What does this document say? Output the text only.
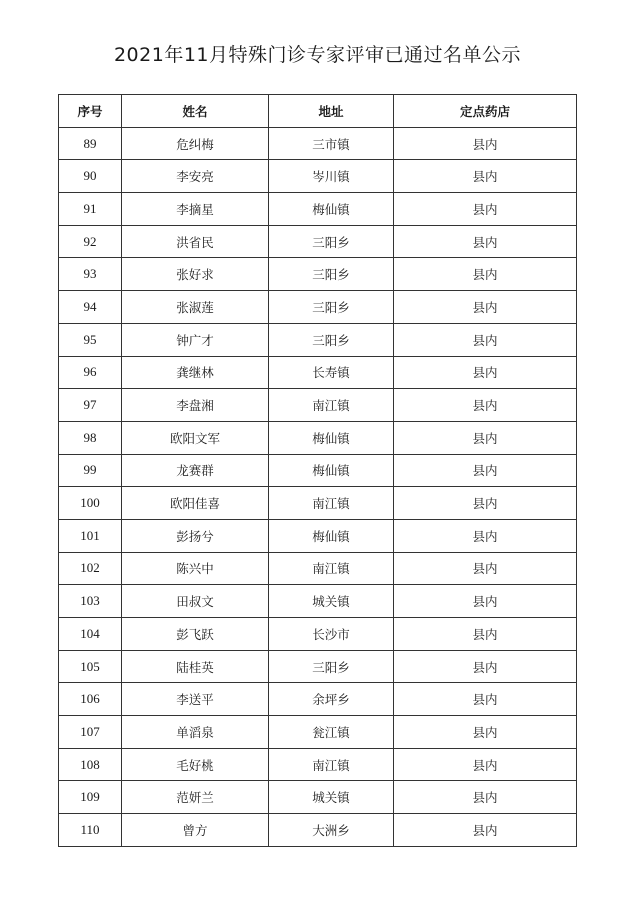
2021年11月特殊门诊专家评审已通过名单公示
序号	姓名	地址	定点药店
89	危纠梅	三市镇	县内
90	李安亮	岑川镇	县内
91	李摘星	梅仙镇	县内
92	洪省民	三阳乡	县内
93	张好求	三阳乡	县内
94	张淑莲	三阳乡	县内
95	钟广才	三阳乡	县内
96	龚继林	长寿镇	县内
97	李盘湘	南江镇	县内
98	欧阳文军	梅仙镇	县内
99	龙赛群	梅仙镇	县内
100	欧阳佳喜	南江镇	县内
101	彭扬兮	梅仙镇	县内
102	陈兴中	南江镇	县内
103	田叔文	城关镇	县内
104	彭飞跃	长沙市	县内
105	陆桂英	三阳乡	县内
106	李送平	余坪乡	县内
107	单滔泉	瓮江镇	县内
108	毛好桃	南江镇	县内
109	范妍兰	城关镇	县内
110	曾方	大洲乡	县内
